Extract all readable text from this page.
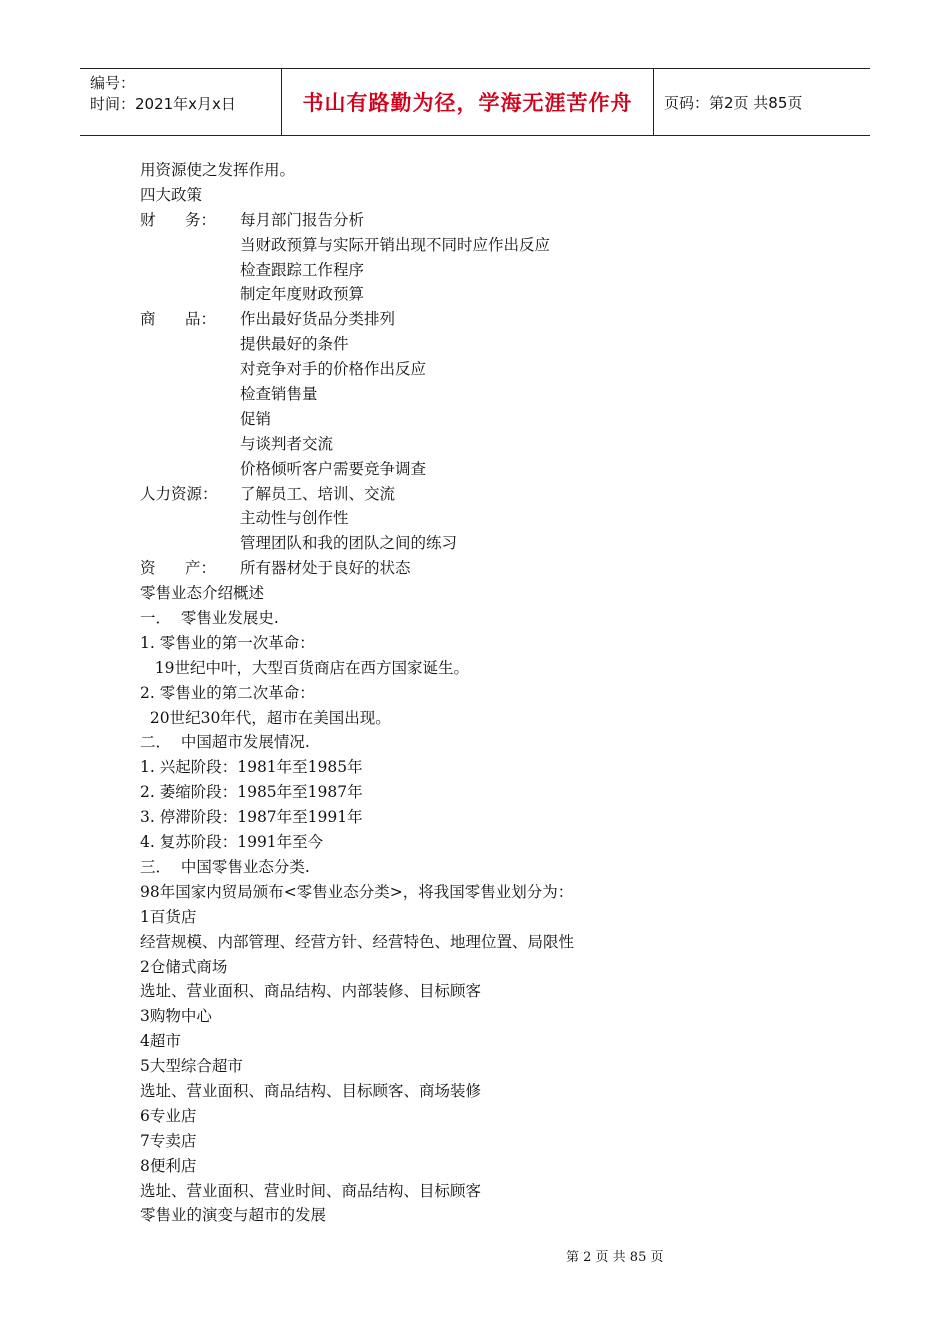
编号：
时间：2021年x月x日	书山有路勤为径，学海无涯苦作舟 页码：第2页 共85页
用资源使之发挥作用。
四大政策
财      务：	每月部门报告分析
当财政预算与实际开销出现不同时应作出反应
检查跟踪工作程序
制定年度财政预算
商      品：	作出最好货品分类排列
提供最好的条件
对竞争对手的价格作出反应
检查销售量
促销
与谈判者交流
价格倾听客户需要竞争调查
人力资源：	了解员工、培训、交流
主动性与创作性
管理团队和我的团队之间的练习
资      产：	所有器材处于良好的状态
零售业态介绍概述
一．  零售业发展史.
1. 零售业的第一次革命：
19世纪中叶，大型百货商店在西方国家诞生。
2. 零售业的第二次革命：
20世纪30年代，超市在美国出现。
二．  中国超市发展情况.
1. 兴起阶段：1981年至1985年
2. 萎缩阶段：1985年至1987年
3. 停滞阶段：1987年至1991年
4. 复苏阶段：1991年至今
三．  中国零售业态分类.
98年国家内贸局颁布<零售业态分类>，将我国零售业划分为：
1百货店
经营规模、内部管理、经营方针、经营特色、地理位置、局限性
2仓储式商场
选址、营业面积、商品结构、内部装修、目标顾客
3购物中心
4超市
5大型综合超市
选址、营业面积、商品结构、目标顾客、商场装修
6专业店
7专卖店
8便利店
选址、营业面积、营业时间、商品结构、目标顾客
零售业的演变与超市的发展
第 2 页 共 85 页
